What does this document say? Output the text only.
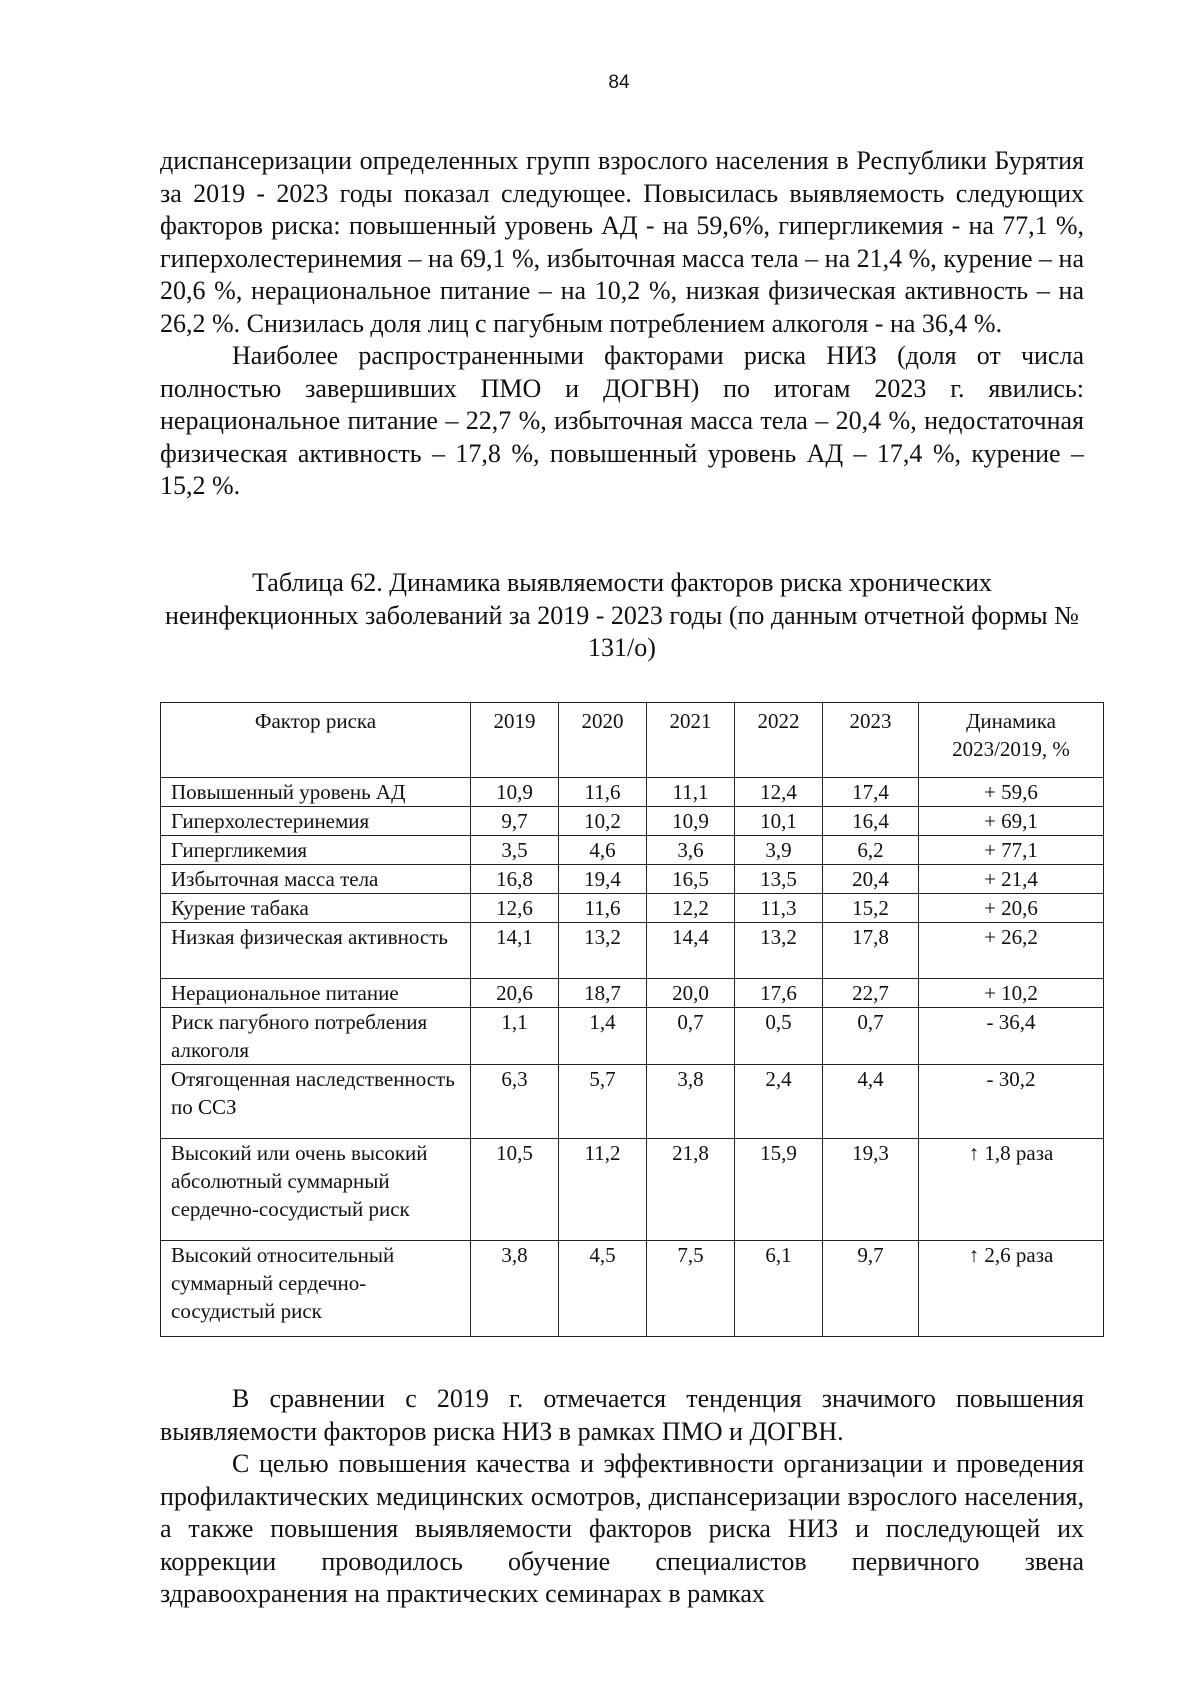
84

диспансеризации определенных групп взрослого населения в Республики Бурятия за 2019 - 2023 годы показал следующее. Повысилась выявляемость следующих факторов риска: повышенный уровень АД - на 59,6%, гипергликемия - на 77,1 %, гиперхолестеринемия – на 69,1 %, избыточная масса тела – на 21,4 %, курение – на 20,6 %, нерациональное питание – на 10,2 %, низкая физическая активность – на 26,2 %. Снизилась доля лиц с пагубным потреблением алкоголя - на 36,4 %.

Наиболее распространенными факторами риска НИЗ (доля от числа полностью завершивших ПМО и ДОГВН) по итогам 2023 г. явились: нерациональное питание – 22,7 %, избыточная масса тела – 20,4 %, недостаточная физическая активность – 17,8 %, повышенный уровень АД – 17,4 %, курение – 15,2 %.

Таблица 62. Динамика выявляемости факторов риска хронических неинфекционных заболеваний за 2019 - 2023 годы (по данным отчетной формы № 131/о)
Фактор риска	2019	2020	2021	2022	2023	Динамика 2023/2019, %
Повышенный уровень АД	10,9	11,6	11,1	12,4	17,4	+ 59,6
Гиперхолестеринемия	9,7	10,2	10,9	10,1	16,4	+ 69,1
Гипергликемия	3,5	4,6	3,6	3,9	6,2	+ 77,1
Избыточная масса тела	16,8	19,4	16,5	13,5	20,4	+ 21,4
Курение табака	12,6	11,6	12,2	11,3	15,2	+ 20,6
Низкая физическая активность	14,1	13,2	14,4	13,2	17,8	+ 26,2
Нерациональное питание	20,6	18,7	20,0	17,6	22,7	+ 10,2
Риск пагубного потребления алкоголя	1,1	1,4	0,7	0,5	0,7	- 36,4
Отягощенная наследственность по ССЗ	6,3	5,7	3,8	2,4	4,4	- 30,2
Высокий или очень высокий абсолютный суммарный сердечно-сосудистый риск	10,5	11,2	21,8	15,9	19,3	↑ 1,8 раза
Высокий относительный суммарный сердечно-сосудистый риск	3,8	4,5	7,5	6,1	9,7	↑ 2,6 раза

В сравнении с 2019 г. отмечается тенденция значимого повышения выявляемости факторов риска НИЗ в рамках ПМО и ДОГВН.

С целью повышения качества и эффективности организации и проведения профилактических медицинских осмотров, диспансеризации взрослого населения, а также повышения выявляемости факторов риска НИЗ и последующей их коррекции проводилось обучение специалистов первичного звена здравоохранения на практических семинарах в рамках
